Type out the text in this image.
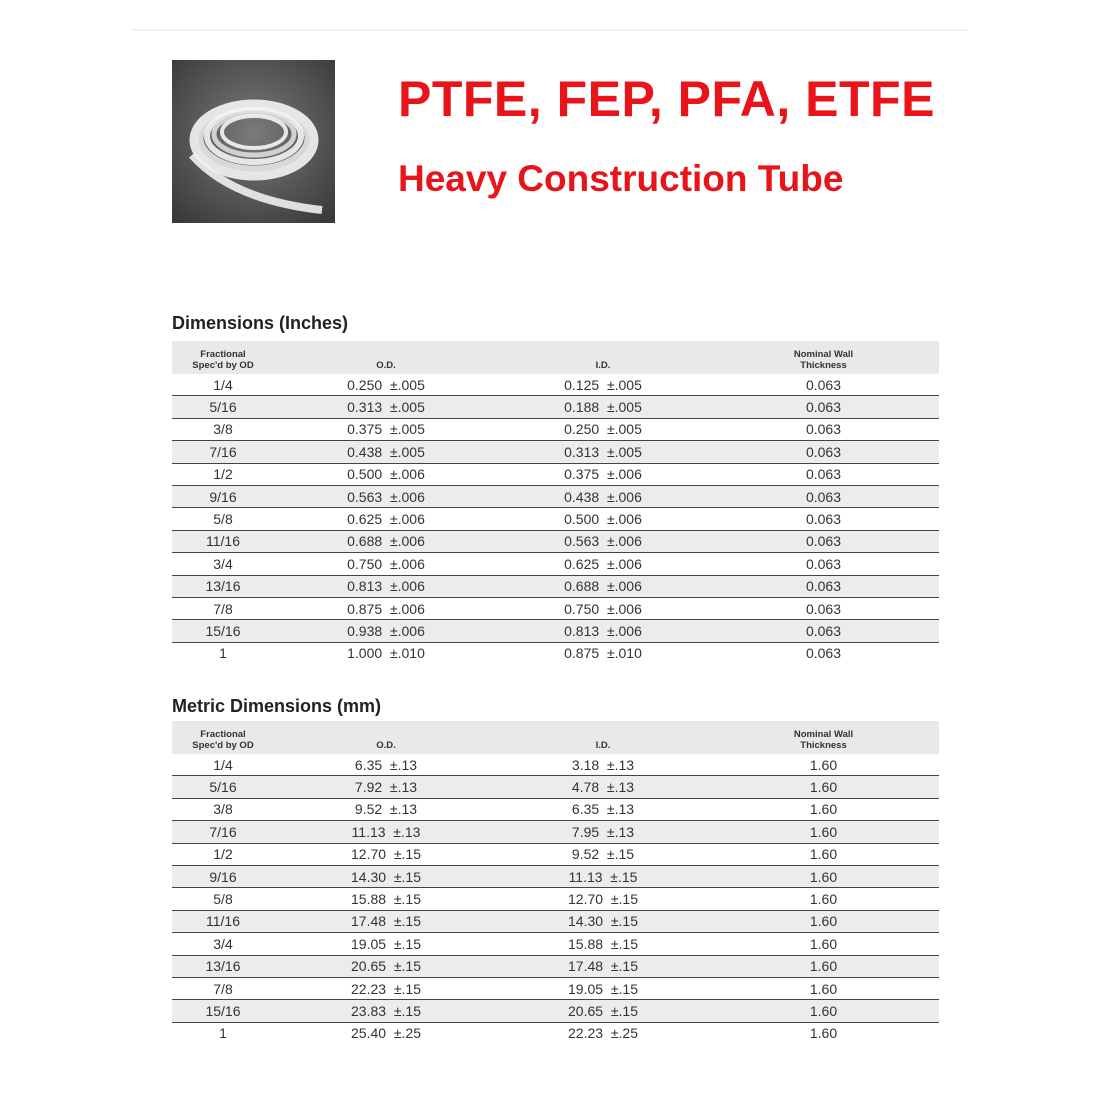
PTFE, FEP, PFA, ETFE
Heavy Construction Tube
Dimensions (Inches)
Fractional
Spec'd by OD	O.D.	I.D.	Nominal Wall
Thickness
1/4	0.250  ±.005	0.125  ±.005	0.063
5/16	0.313  ±.005	0.188  ±.005	0.063
3/8	0.375  ±.005	0.250  ±.005	0.063
7/16	0.438  ±.005	0.313  ±.005	0.063
1/2	0.500  ±.006	0.375  ±.006	0.063
9/16	0.563  ±.006	0.438  ±.006	0.063
5/8	0.625  ±.006	0.500  ±.006	0.063
11/16	0.688  ±.006	0.563  ±.006	0.063
3/4	0.750  ±.006	0.625  ±.006	0.063
13/16	0.813  ±.006	0.688  ±.006	0.063
7/8	0.875  ±.006	0.750  ±.006	0.063
15/16	0.938  ±.006	0.813  ±.006	0.063
1	1.000  ±.010	0.875  ±.010	0.063
Metric Dimensions (mm)
Fractional
Spec'd by OD	O.D.	I.D.	Nominal Wall
Thickness
1/4	6.35  ±.13	3.18  ±.13	1.60
5/16	7.92  ±.13	4.78  ±.13	1.60
3/8	9.52  ±.13	6.35  ±.13	1.60
7/16	11.13  ±.13	7.95  ±.13	1.60
1/2	12.70  ±.15	9.52  ±.15	1.60
9/16	14.30  ±.15	11.13  ±.15	1.60
5/8	15.88  ±.15	12.70  ±.15	1.60
11/16	17.48  ±.15	14.30  ±.15	1.60
3/4	19.05  ±.15	15.88  ±.15	1.60
13/16	20.65  ±.15	17.48  ±.15	1.60
7/8	22.23  ±.15	19.05  ±.15	1.60
15/16	23.83  ±.15	20.65  ±.15	1.60
1	25.40  ±.25	22.23  ±.25	1.60
